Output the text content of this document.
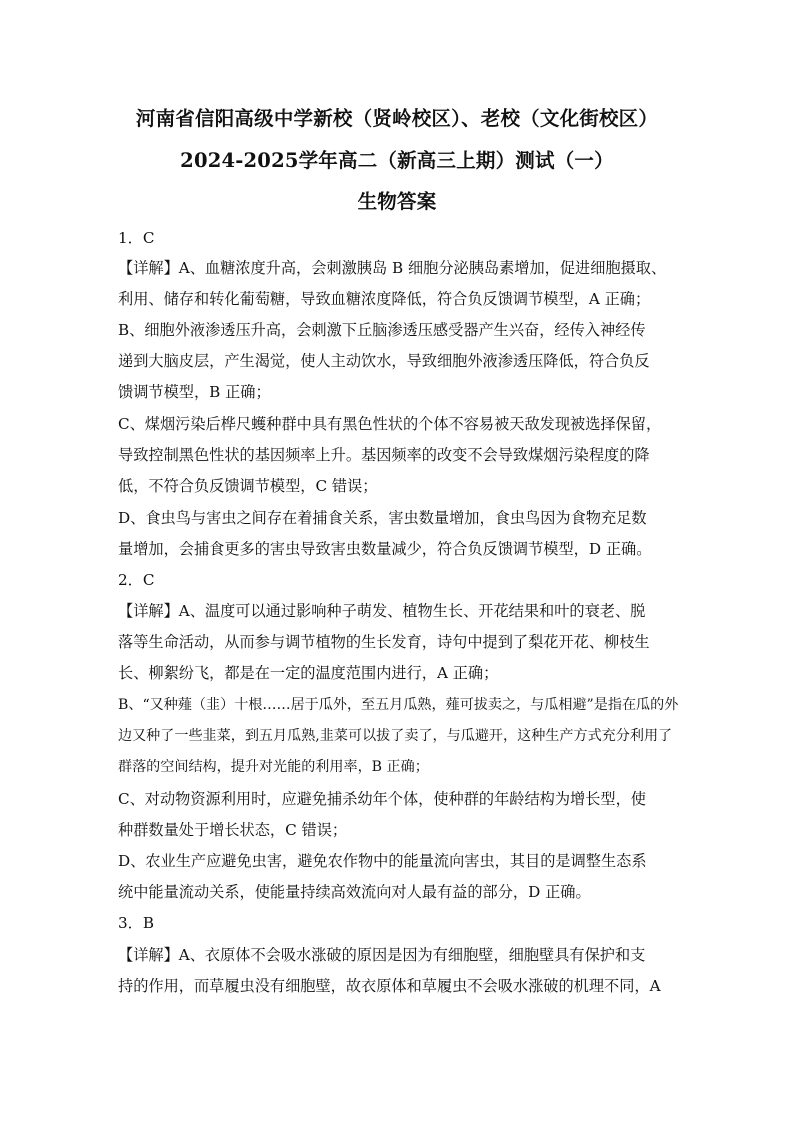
河南省信阳高级中学新校（贤岭校区）、老校（文化街校区）
2024-2025学年高二（新高三上期）测试（一）
生物答案
1．C
【详解】A、血糖浓度升高，会刺激胰岛 B 细胞分泌胰岛素增加，促进细胞摄取、
利用、储存和转化葡萄糖，导致血糖浓度降低，符合负反馈调节模型，A 正确；
B、细胞外液渗透压升高，会刺激下丘脑渗透压感受器产生兴奋，经传入神经传
递到大脑皮层，产生渴觉，使人主动饮水，导致细胞外液渗透压降低，符合负反
馈调节模型，B 正确；
C、煤烟污染后桦尺蠖种群中具有黑色性状的个体不容易被天敌发现被选择保留，
导致控制黑色性状的基因频率上升。基因频率的改变不会导致煤烟污染程度的降
低，不符合负反馈调节模型，C 错误；
D、食虫鸟与害虫之间存在着捕食关系，害虫数量增加，食虫鸟因为食物充足数
量增加，会捕食更多的害虫导致害虫数量减少，符合负反馈调节模型，D 正确。
2．C
【详解】A、温度可以通过影响种子萌发、植物生长、开花结果和叶的衰老、脱
落等生命活动，从而参与调节植物的生长发育，诗句中提到了梨花开花、柳枝生
长、柳絮纷飞，都是在一定的温度范围内进行，A 正确；
B、“又种薤（韭）十根……居于瓜外，至五月瓜熟，薤可拔卖之，与瓜相避”是指在瓜的外
边又种了一些韭菜，到五月瓜熟,韭菜可以拔了卖了，与瓜避开，这种生产方式充分利用了
群落的空间结构，提升对光能的利用率，B 正确；
C、对动物资源利用时，应避免捕杀幼年个体，使种群的年龄结构为增长型，使
种群数量处于增长状态，C 错误；
D、农业生产应避免虫害，避免农作物中的能量流向害虫，其目的是调整生态系
统中能量流动关系，使能量持续高效流向对人最有益的部分，D 正确。
3．B
【详解】A、衣原体不会吸水涨破的原因是因为有细胞壁，细胞壁具有保护和支
持的作用，而草履虫没有细胞壁，故衣原体和草履虫不会吸水涨破的机理不同，A
